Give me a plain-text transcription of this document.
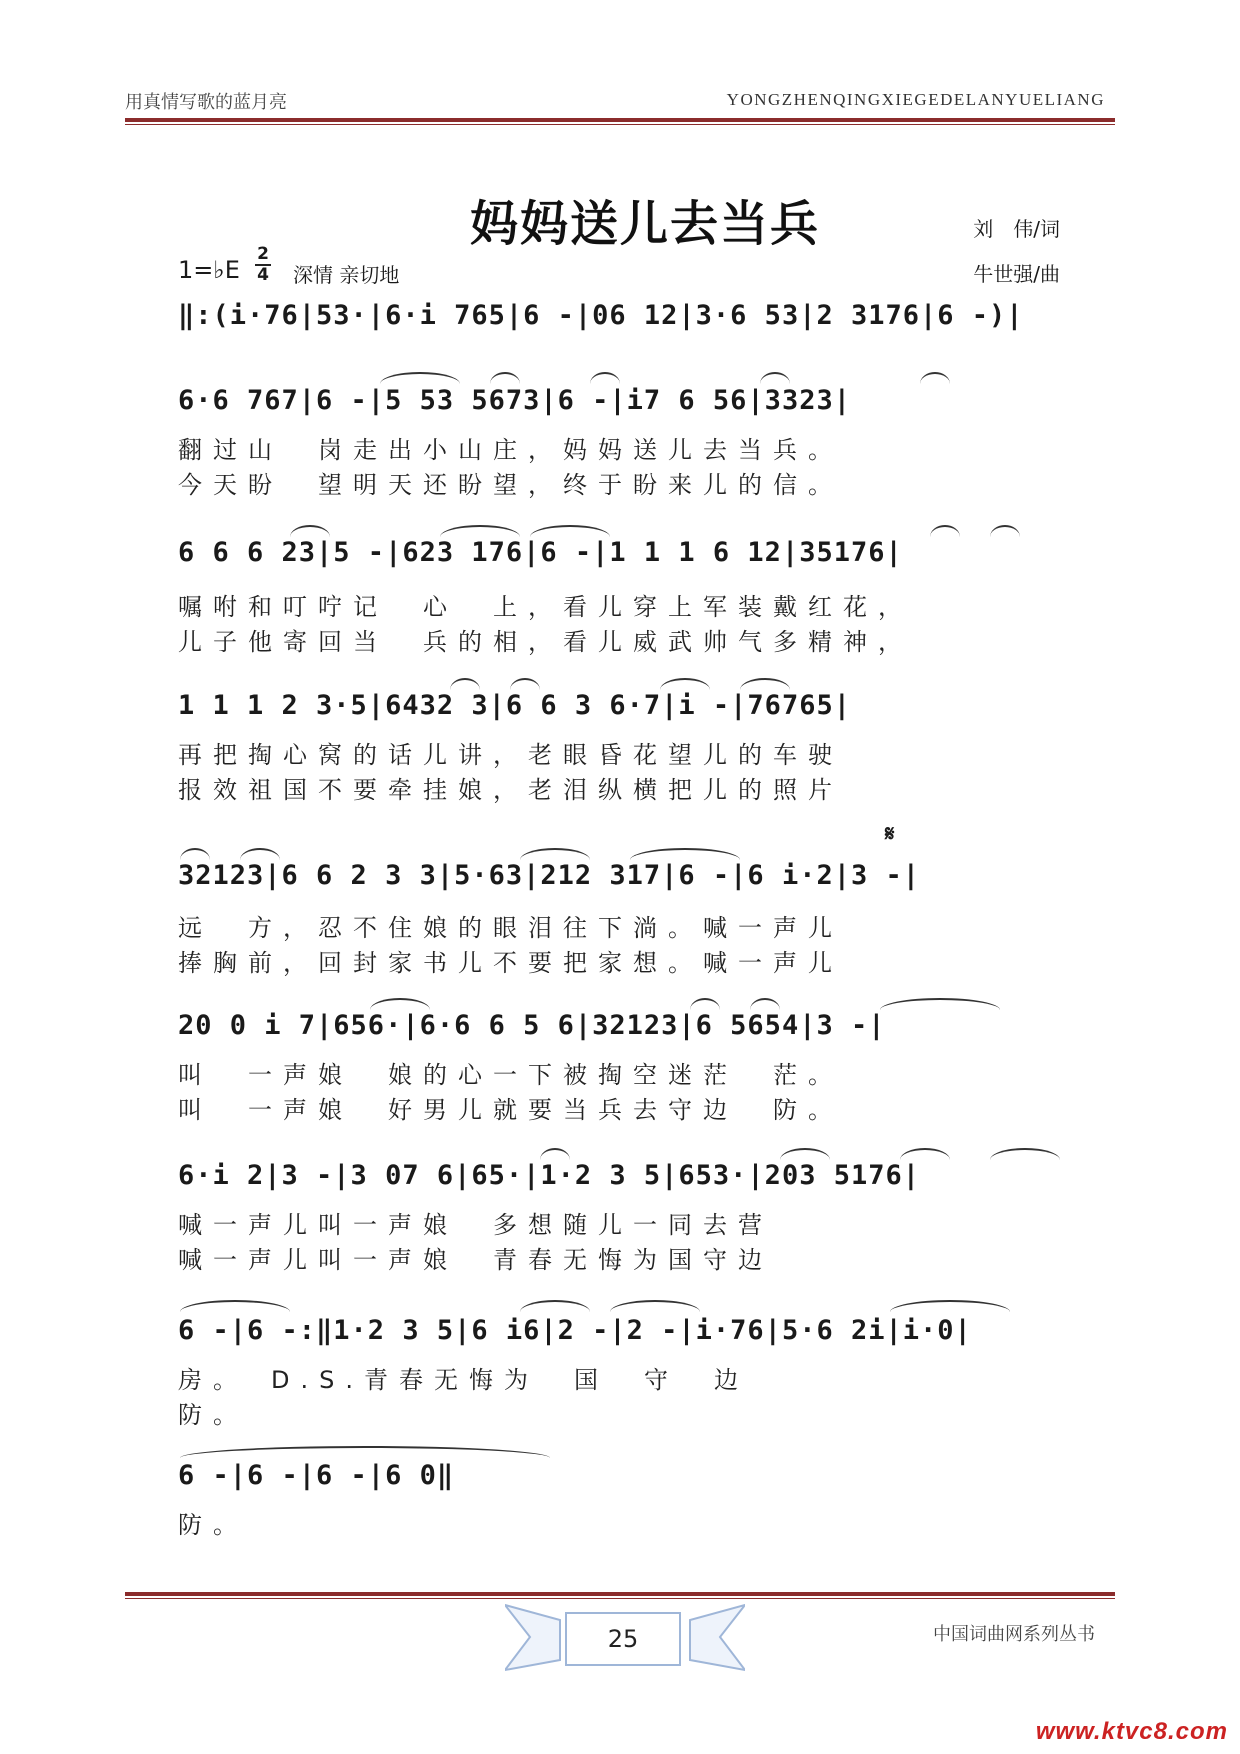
用真情写歌的蓝月亮	YONGZHENQINGXIEGEDELANYUELIANG
妈妈送儿去当兵	刘　伟/词
牛世强/曲
1=♭E
2
4 深情 亲切地
‖:(i·76|53·|6·i 765|6 -|06 12|3·6 53|2 3176|6 -)|
6·6 767|6 -|5 53 5673|6 -|i7 6 56|3323|
翻过山　岗走出小山庄，妈妈送儿去当兵。
今天盼　望明天还盼望，终于盼来儿的信。
6 6 6 23|5 -|623 176|6 -|1 1 1 6 12|35176|
嘱咐和叮咛记　心　上，看儿穿上军装戴红花，
儿子他寄回当　兵的相，看儿威武帅气多精神，
1 1 1 2 3·5|6432 3|6 6 3 6·7|i -|76765|
再把掏心窝的话儿讲，老眼昏花望儿的车驶
报效祖国不要牵挂娘，老泪纵横把儿的照片
𝄋
32123|6 6 2 3 3|5·63|212 317|6 -|6 i·2|3 -|
远　方，忍不住娘的眼泪往下淌。喊一声儿
捧胸前，回封家书儿不要把家想。喊一声儿
20 0 i 7|656·|6·6 6 5 6|32123|6 5654|3 -|
叫　一声娘　娘的心一下被掏空迷茫　茫。
叫　一声娘　好男儿就要当兵去守边　防。
6·i 2|3 -|3 07 6|65·|1·2 3 5|653·|203 5176|
喊一声儿叫一声娘　多想随儿一同去营
喊一声儿叫一声娘　青春无悔为国守边
6 -|6 -:‖1·2 3 5|6 i6|2 -|2 -|i·76|5·6 2i|i·0|
房。　D.S.青春无悔为　国　守　边
防。
6 -|6 -|6 -|6 0‖
防。
25	中国词曲网系列丛书
www.ktvc8.com
